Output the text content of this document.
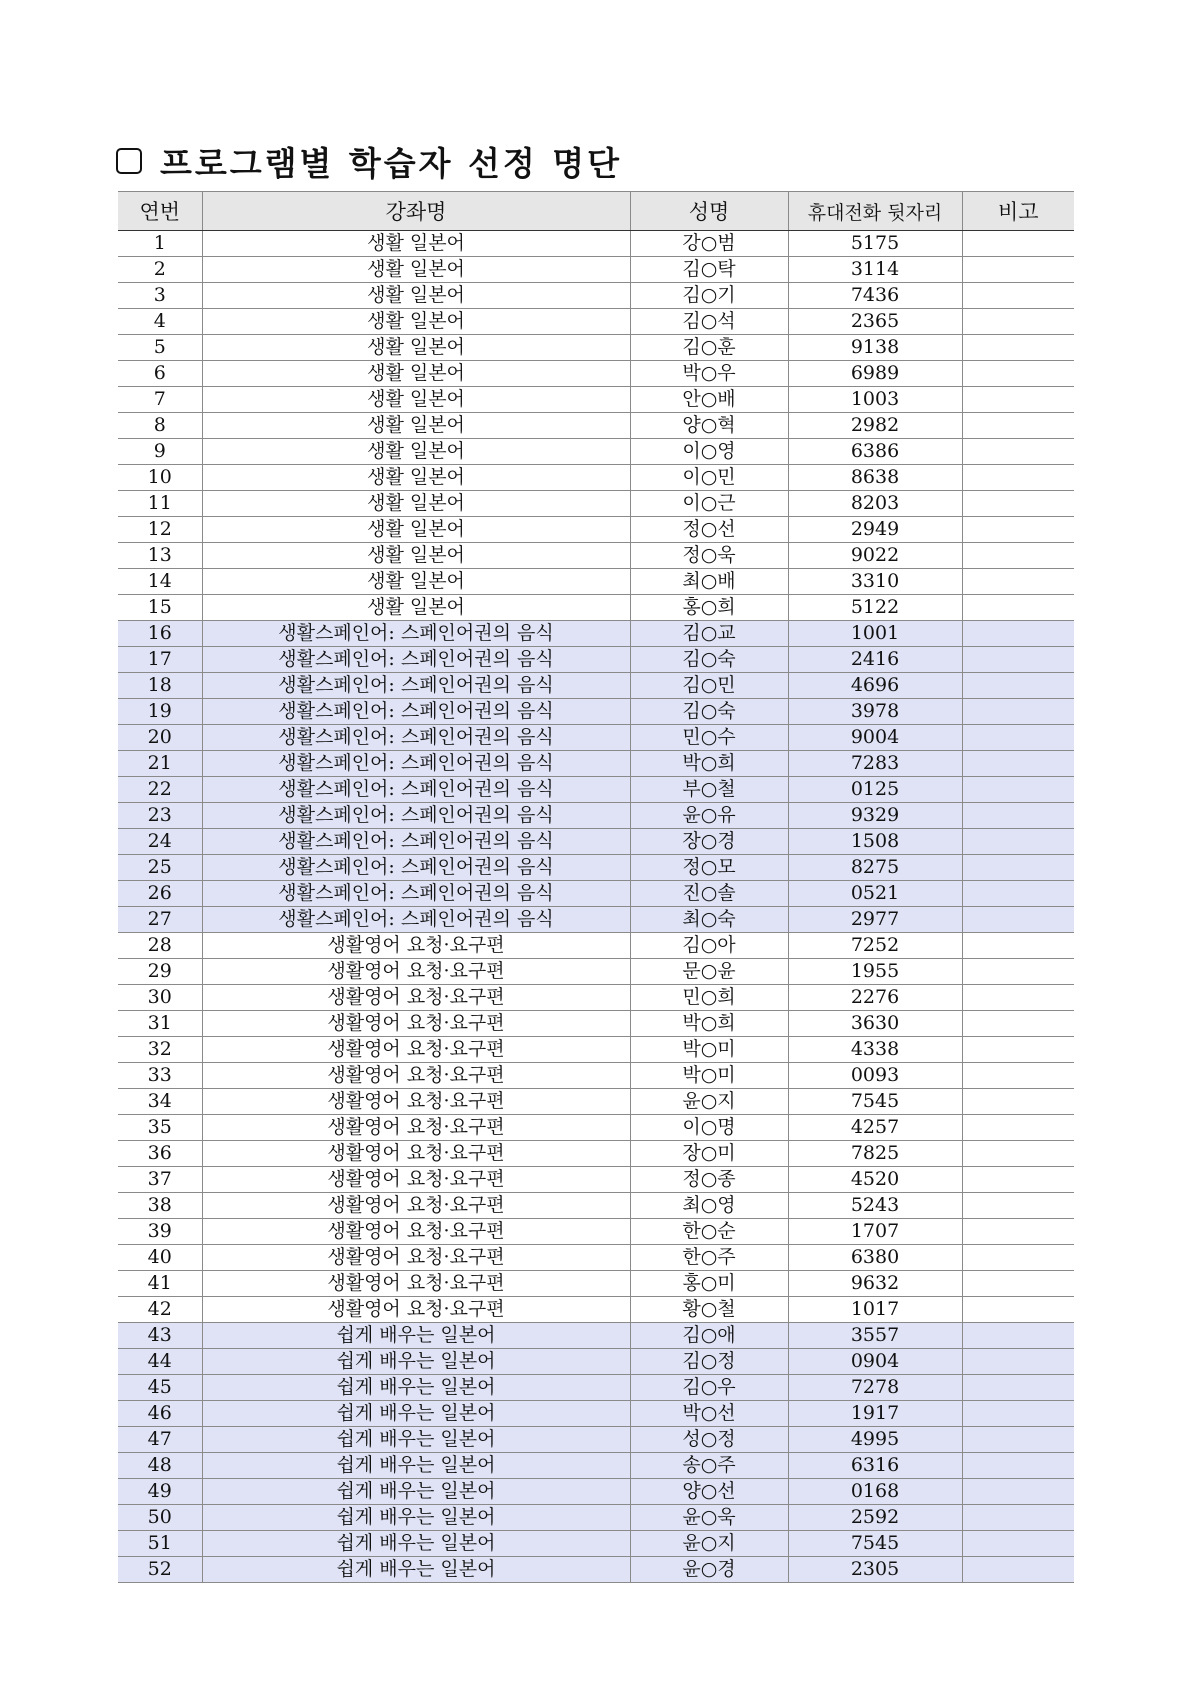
프로그램별 학습자 선정 명단
연번	강좌명	성명	휴대전화 뒷자리	비고
1	생활 일본어	강○범	5175	
2	생활 일본어	김○탁	3114	
3	생활 일본어	김○기	7436	
4	생활 일본어	김○석	2365	
5	생활 일본어	김○훈	9138	
6	생활 일본어	박○우	6989	
7	생활 일본어	안○배	1003	
8	생활 일본어	양○혁	2982	
9	생활 일본어	이○영	6386	
10	생활 일본어	이○민	8638	
11	생활 일본어	이○근	8203	
12	생활 일본어	정○선	2949	
13	생활 일본어	정○욱	9022	
14	생활 일본어	최○배	3310	
15	생활 일본어	홍○희	5122	
16	생활스페인어: 스페인어권의 음식	김○교	1001	
17	생활스페인어: 스페인어권의 음식	김○숙	2416	
18	생활스페인어: 스페인어권의 음식	김○민	4696	
19	생활스페인어: 스페인어권의 음식	김○숙	3978	
20	생활스페인어: 스페인어권의 음식	민○수	9004	
21	생활스페인어: 스페인어권의 음식	박○희	7283	
22	생활스페인어: 스페인어권의 음식	부○철	0125	
23	생활스페인어: 스페인어권의 음식	윤○유	9329	
24	생활스페인어: 스페인어권의 음식	장○경	1508	
25	생활스페인어: 스페인어권의 음식	정○모	8275	
26	생활스페인어: 스페인어권의 음식	진○솔	0521	
27	생활스페인어: 스페인어권의 음식	최○숙	2977	
28	생활영어 요청·요구편	김○아	7252	
29	생활영어 요청·요구편	문○윤	1955	
30	생활영어 요청·요구편	민○희	2276	
31	생활영어 요청·요구편	박○희	3630	
32	생활영어 요청·요구편	박○미	4338	
33	생활영어 요청·요구편	박○미	0093	
34	생활영어 요청·요구편	윤○지	7545	
35	생활영어 요청·요구편	이○명	4257	
36	생활영어 요청·요구편	장○미	7825	
37	생활영어 요청·요구편	정○종	4520	
38	생활영어 요청·요구편	최○영	5243	
39	생활영어 요청·요구편	한○순	1707	
40	생활영어 요청·요구편	한○주	6380	
41	생활영어 요청·요구편	홍○미	9632	
42	생활영어 요청·요구편	황○철	1017	
43	쉽게 배우는 일본어	김○애	3557	
44	쉽게 배우는 일본어	김○정	0904	
45	쉽게 배우는 일본어	김○우	7278	
46	쉽게 배우는 일본어	박○선	1917	
47	쉽게 배우는 일본어	성○정	4995	
48	쉽게 배우는 일본어	송○주	6316	
49	쉽게 배우는 일본어	양○선	0168	
50	쉽게 배우는 일본어	윤○욱	2592	
51	쉽게 배우는 일본어	윤○지	7545	
52	쉽게 배우는 일본어	윤○경	2305	
